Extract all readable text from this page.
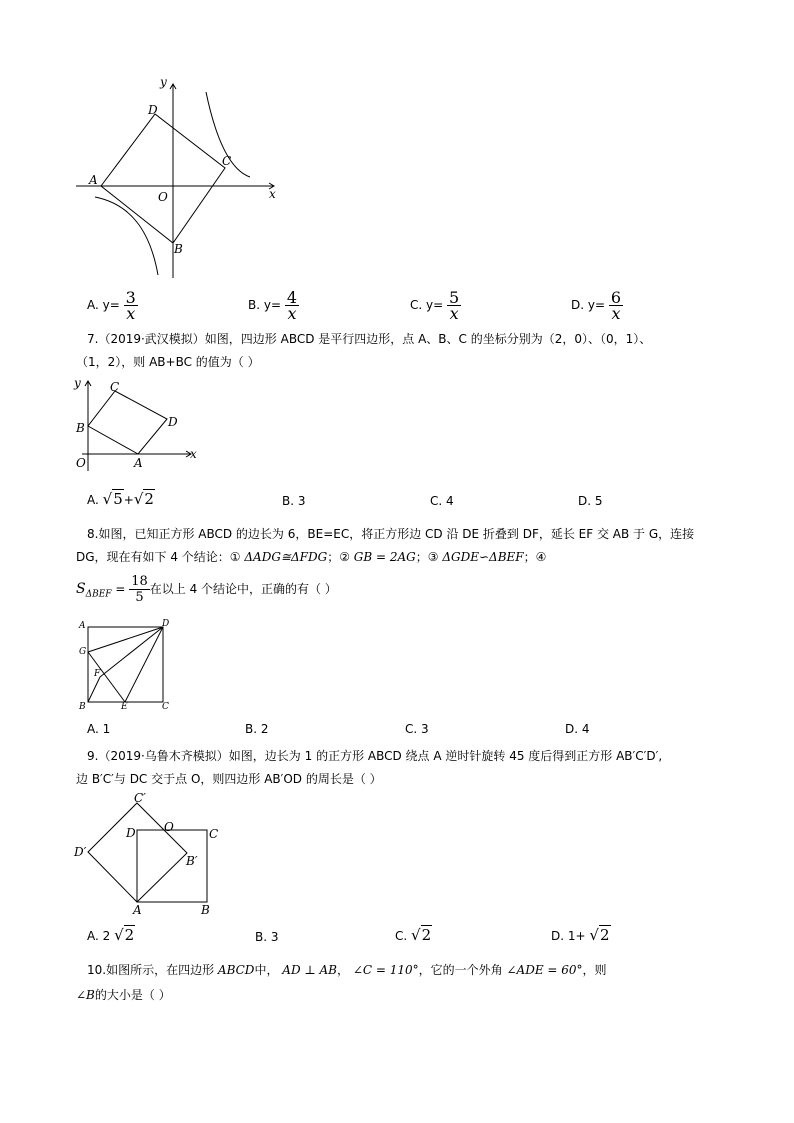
x
y
A
B
C
D
O
A. $y= \frac{3}{x}$	B. $y= \frac{4}{x}$	C. $y= \frac{5}{x}$	D. $y= \frac{6}{x}$
7.（2019·武汉模拟）如图，四边形 ABCD 是平行四边形，点 A、B、C 的坐标分别为（2，0）、（0，1）、
（1，2），则 AB+BC 的值为（ ）
x
y
A
B
C
D
O
A. √5+√2	B. 3	C. 4	D. 5
8.如图，已知正方形 ABCD 的边长为 6，BE=EC，将正方形边 CD 沿 DE 折叠到 DF，延长 EF 交 AB 于 G，连接
DG，现在有如下 4 个结论：① ΔADG≅ΔFDG；② GB = 2AG；③ ΔGDE∽ΔBEF；④
$S_{\Delta BEF} = \frac{18}{5}$ 在以上 4 个结论中，正确的有（ ）
A
B	C
D
E
F
G
A. 1	B. 2	C. 3	D. 4
9.（2019·乌鲁木齐模拟）如图，边长为 1 的正方形 ABCD 绕点 A 逆时针旋转 45 度后得到正方形 AB′C′D′,
边 B′C′与 DC 交于点 O，则四边形 AB′OD 的周长是（ ）
A	B
C
D O
B′
C′
D′
A. 2 √2	B. 3	C. √2	D. 1+ √2
10.如图所示，在四边形 ABCD中， AD ⊥ AB， ∠C = 110°，它的一个外角 ∠ADE = 60°，则
∠B的大小是（ ）
